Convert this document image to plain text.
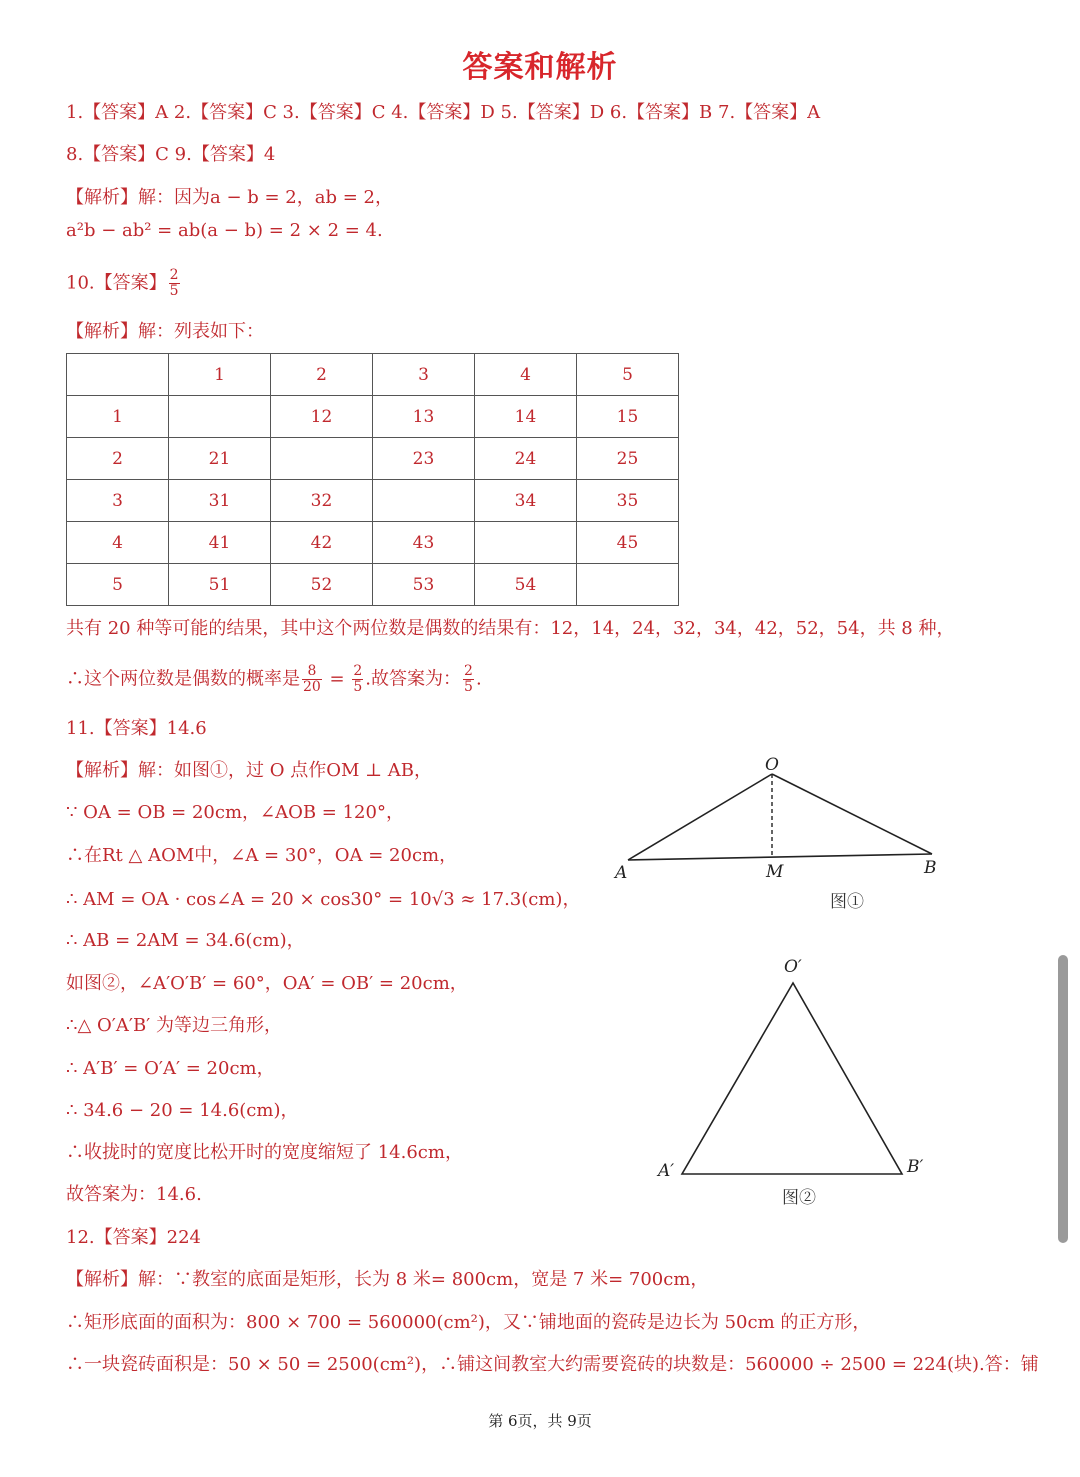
答案和解析
1.【答案】A 2.【答案】C 3.【答案】C 4.【答案】D 5.【答案】D 6.【答案】B 7.【答案】A
8.【答案】C 9.【答案】4
【解析】解：因为a − b = 2，ab = 2，
a²b − ab² = ab(a − b) = 2 × 2 = 4.
10.【答案】 $\frac{2}{5}$
【解析】解：列表如下：
	1	2	3	4	5
1		12	13	14	15
2	21		23	24	25
3	31	32		34	35
4	41	42	43		45
5	51	52	53	54	
共有 20 种等可能的结果，其中这个两位数是偶数的结果有：12，14，24，32，34，42，52，54，共 8 种，
∴这个两位数是偶数的概率是 $\frac{8}{20} = \frac{2}{5}$ .故答案为： $\frac{2}{5}$ .
11.【答案】14.6
【解析】解：如图①，过 O 点作OM ⊥ AB，
∵ OA = OB = 20cm，∠AOB = 120°，
∴在Rt △ AOM中，∠A = 30°，OA = 20cm，
∴ AM = OA · cos∠A = 20 × cos30° = 10√3 ≈ 17.3(cm)，
∴ AB = 2AM = 34.6(cm)，
如图②，∠A′O′B′ = 60°，OA′ = OB′ = 20cm，
∴△ O′A′B′ 为等边三角形，
∴ A′B′ = O′A′ = 20cm，
∴ 34.6 − 20 = 14.6(cm)，
∴收拢时的宽度比松开时的宽度缩短了 14.6cm，
故答案为：14.6.
12.【答案】224
【解析】解：∵教室的底面是矩形，长为 8 米= 800cm，宽是 7 米= 700cm，
∴矩形底面的面积为：800 × 700 = 560000(cm²)，又∵铺地面的瓷砖是边长为 50cm 的正方形，
∴一块瓷砖面积是：50 × 50 = 2500(cm²)，∴铺这间教室大约需要瓷砖的块数是：560000 ÷ 2500 = 224(块).答：铺
O
A	M	B
图①
O′
A′	B′
图②
第 6页，共 9页
